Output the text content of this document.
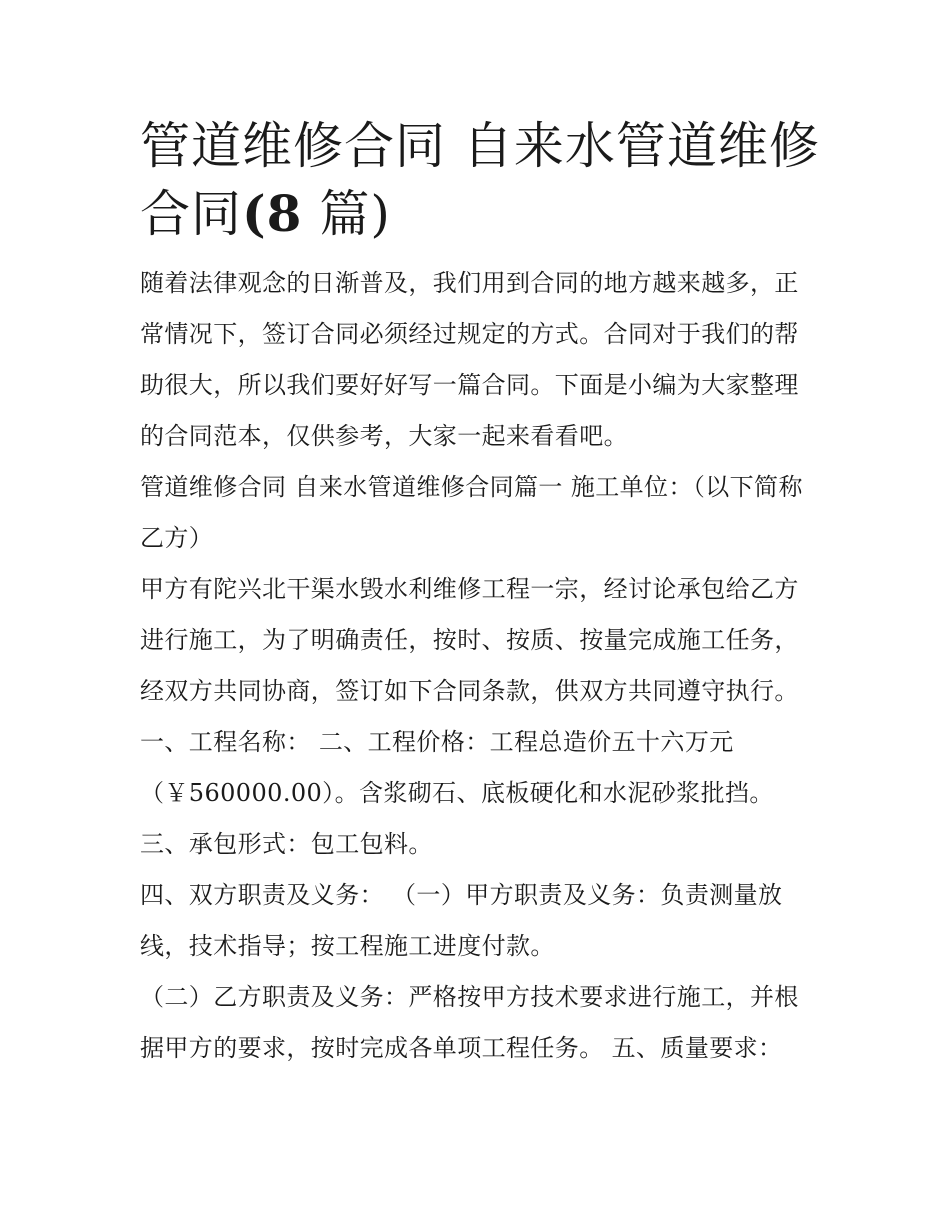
管道维修合同 自来水管道维修
合同(8 篇)

随着法律观念的日渐普及，我们用到合同的地方越来越多，正常情况下，签订合同必须经过规定的方式。合同对于我们的帮助很大，所以我们要好好写一篇合同。下面是小编为大家整理的合同范本，仅供参考，大家一起来看看吧。

管道维修合同 自来水管道维修合同篇一 施工单位：（以下简称乙方）

甲方有陀兴北干渠水毁水利维修工程一宗，经讨论承包给乙方进行施工，为了明确责任，按时、按质、按量完成施工任务，经双方共同协商，签订如下合同条款，供双方共同遵守执行。

一、工程名称： 二、工程价格：工程总造价五十六万元（￥560000.00）。含浆砌石、底板硬化和水泥砂浆批挡。

三、承包形式：包工包料。

四、双方职责及义务： （一）甲方职责及义务：负责测量放线，技术指导；按工程施工进度付款。

（二）乙方职责及义务：严格按甲方技术要求进行施工，并根据甲方的要求，按时完成各单项工程任务。 五、质量要求：
